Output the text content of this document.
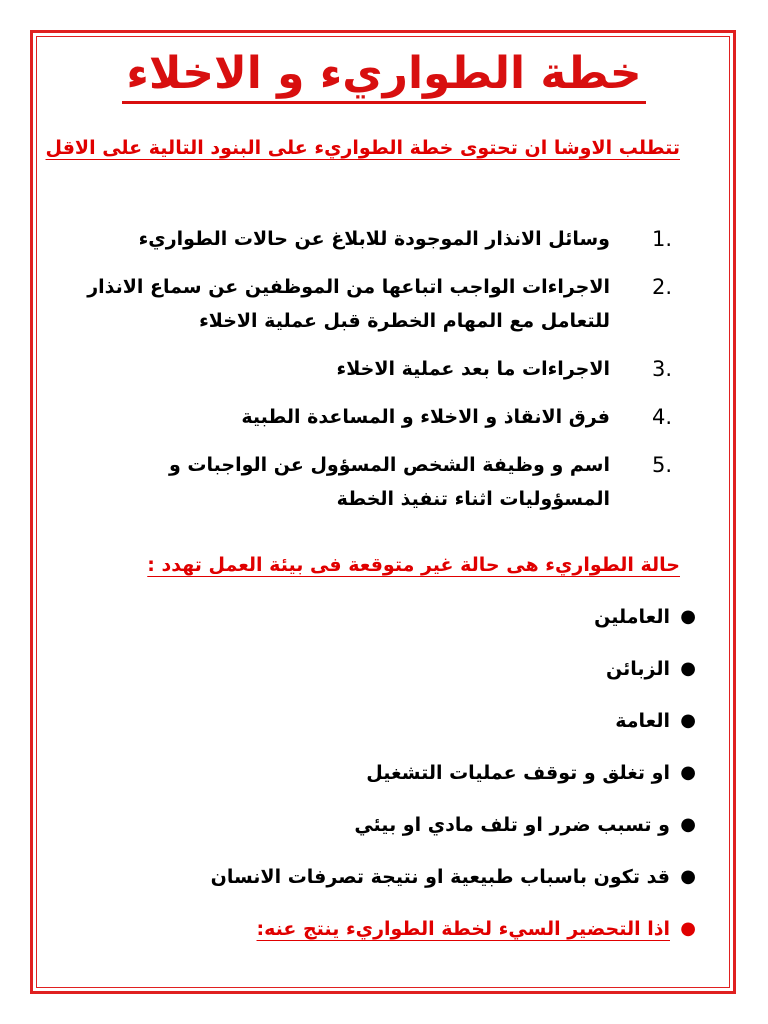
خطة الطواريء و الاخلاء
تتطلب الاوشا ان تحتوى خطة الطواريء على البنود التالية على الاقل
1.
وسائل الانذار الموجودة للابلاغ عن حالات الطواريء
2.
الاجراءات الواجب اتباعها من الموظفين عن سماع الانذار للتعامل مع المهام الخطرة قبل عملية الاخلاء
3.
الاجراءات ما بعد عملية الاخلاء
4.
فرق الانقاذ و الاخلاء و المساعدة الطبية
5.
اسم و وظيفة الشخص المسؤول عن الواجبات و المسؤوليات اثناء تنفيذ الخطة
حالة الطواريء هى حالة غير متوقعة فى بيئة العمل تهدد :
●
العاملين
●
الزبائن
●
العامة
●
او تغلق و توقف عمليات التشغيل
●
و تسبب ضرر او تلف مادي او بيئي
●
قد تكون باسباب طبيعية او نتيجة تصرفات الانسان
●
اذا التحضير السيء لخطة الطواريء ينتج عنه:
